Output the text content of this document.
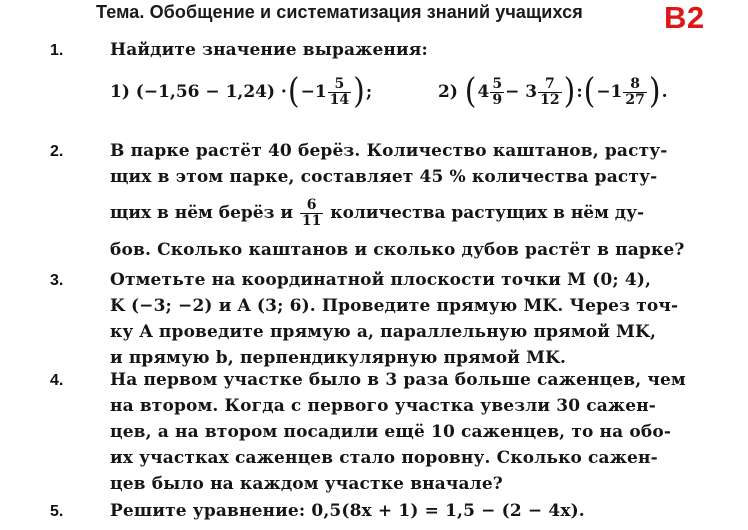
Тема. Обобщение и систематизация знаний учащихся	В2
1.
2.
3.
4.
5.
Найдите значение выражения:
1)
(−1,56 − 1,24) · ( $-1 \frac{5}{14}$ ) ;	2)
( $4 \frac{5}{9} - 3 \frac{7}{12}$ ) : ( $-1 \frac{8}{27}$ ) .
В парке растёт 40 берёз. Количество каштанов, расту-
щих в этом парке, составляет 45 % количества расту-
щих в нём берёз и
$\frac{6}{11}$
количества растущих в нём ду-
бов. Сколько каштанов и сколько дубов растёт в парке?
Отметьте на координатной плоскости точки M (0; 4),
K (−3; −2) и A (3; 6). Проведите прямую MK. Через точ-
ку A проведите прямую a, параллельную прямой MK,
и прямую b, перпендикулярную прямой MK.
На первом участке было в 3 раза больше саженцев, чем
на втором. Когда с первого участка увезли 30 сажен-
цев, а на втором посадили ещё 10 саженцев, то на обо-
их участках саженцев стало поровну. Сколько сажен-
цев было на каждом участке вначале?
Решите уравнение: 0,5(8x + 1) = 1,5 − (2 − 4x).
